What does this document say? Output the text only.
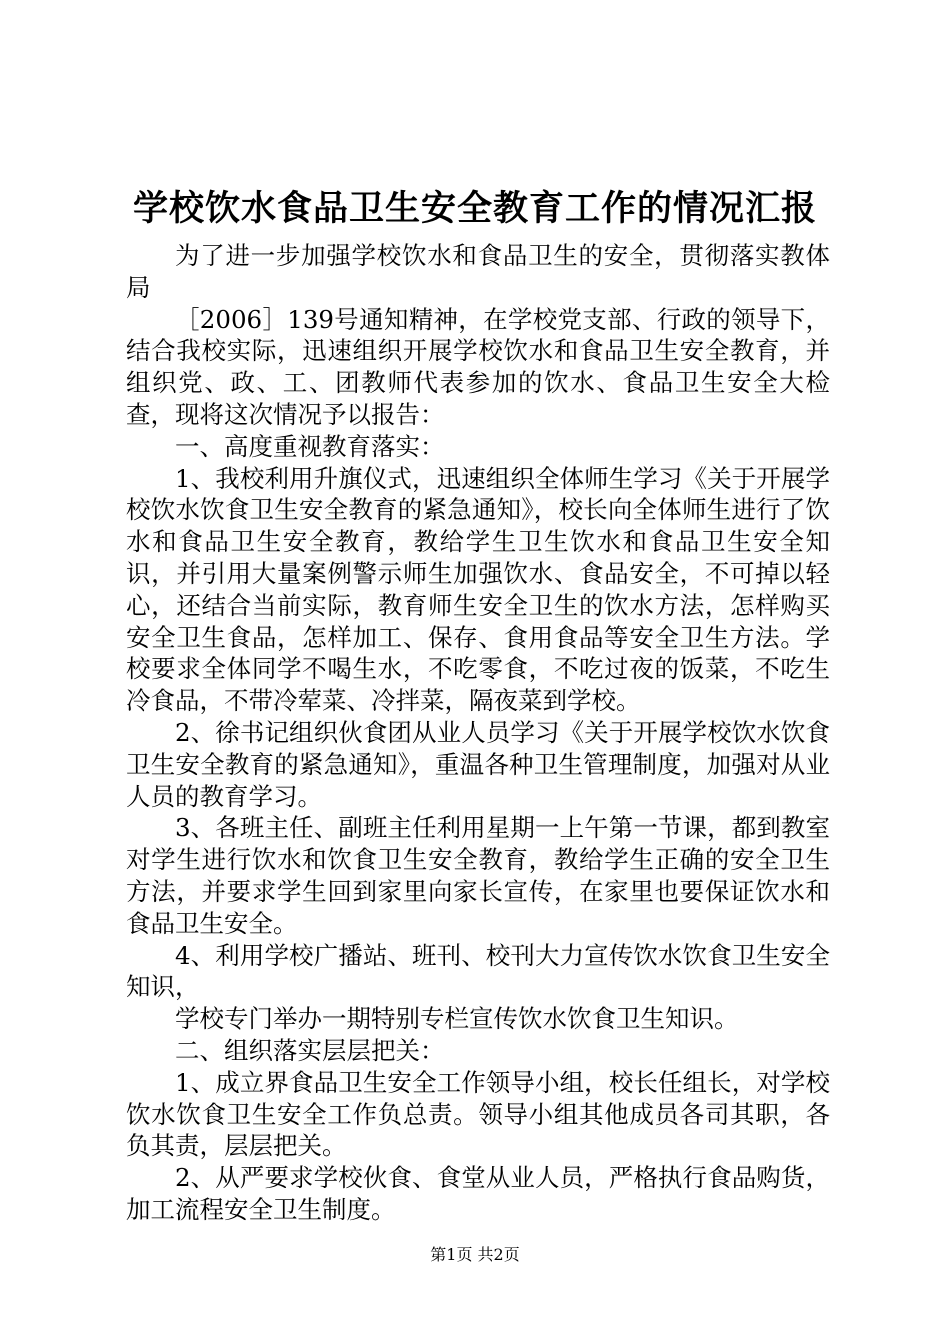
学校饮水食品卫生安全教育工作的情况汇报

为了进一步加强学校饮水和食品卫生的安全，贯彻落实教体局

［2006］139号通知精神，在学校党支部、行政的领导下，结合我校实际，迅速组织开展学校饮水和食品卫生安全教育，并组织党、政、工、团教师代表参加的饮水、食品卫生安全大检查，现将这次情况予以报告：

一、高度重视教育落实：

1、我校利用升旗仪式，迅速组织全体师生学习《关于开展学校饮水饮食卫生安全教育的紧急通知》，校长向全体师生进行了饮水和食品卫生安全教育，教给学生卫生饮水和食品卫生安全知识，并引用大量案例警示师生加强饮水、食品安全，不可掉以轻心，还结合当前实际，教育师生安全卫生的饮水方法，怎样购买安全卫生食品，怎样加工、保存、食用食品等安全卫生方法。学校要求全体同学不喝生水，不吃零食，不吃过夜的饭菜，不吃生冷食品，不带冷荤菜、冷拌菜，隔夜菜到学校。

2、徐书记组织伙食团从业人员学习《关于开展学校饮水饮食卫生安全教育的紧急通知》，重温各种卫生管理制度，加强对从业人员的教育学习。

3、各班主任、副班主任利用星期一上午第一节课，都到教室对学生进行饮水和饮食卫生安全教育，教给学生正确的安全卫生方法，并要求学生回到家里向家长宣传，在家里也要保证饮水和食品卫生安全。

4、利用学校广播站、班刊、校刊大力宣传饮水饮食卫生安全知识，

学校专门举办一期特别专栏宣传饮水饮食卫生知识。

二、组织落实层层把关：

1、成立界食品卫生安全工作领导小组，校长任组长，对学校饮水饮食卫生安全工作负总责。领导小组其他成员各司其职，各负其责，层层把关。

2、从严要求学校伙食、食堂从业人员，严格执行食品购货，加工流程安全卫生制度。

第1页 共2页
